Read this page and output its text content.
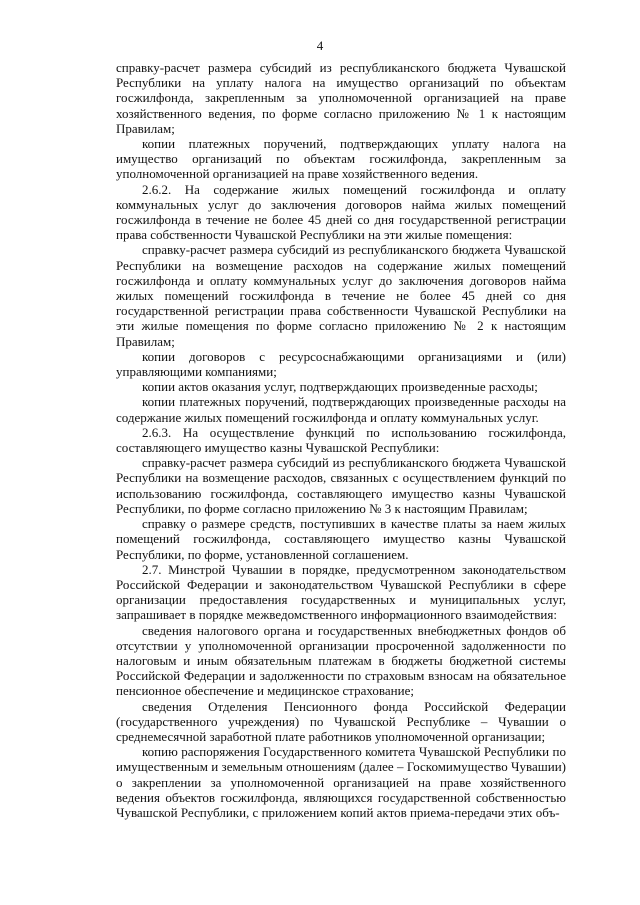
4

справку-расчет размера субсидий из республиканского бюджета Чувашской Республики на уплату налога на имущество организаций по объектам госжилфонда, закрепленным за уполномоченной организацией на праве хозяйственного ведения, по форме согласно приложению № 1 к настоящим Правилам;

копии платежных поручений, подтверждающих уплату налога на имущество организаций по объектам госжилфонда, закрепленным за уполномоченной организацией на праве хозяйственного ведения.

2.6.2. На содержание жилых помещений госжилфонда и оплату коммунальных услуг до заключения договоров найма жилых помещений госжилфонда в течение не более 45 дней со дня государственной регистрации права собственности Чувашской Республики на эти жилые помещения:

справку-расчет размера субсидий из республиканского бюджета Чувашской Республики на возмещение расходов на содержание жилых помещений госжилфонда и оплату коммунальных услуг до заключения договоров найма жилых помещений госжилфонда в течение не более 45 дней со дня государственной регистрации права собственности Чувашской Республики на эти жилые помещения по форме согласно приложению № 2 к настоящим Правилам;

копии договоров с ресурсоснабжающими организациями и (или) управляющими компаниями;

копии актов оказания услуг, подтверждающих произведенные расходы;

копии платежных поручений, подтверждающих произведенные расходы на содержание жилых помещений госжилфонда и оплату коммунальных услуг.

2.6.3. На осуществление функций по использованию госжилфонда, составляющего имущество казны Чувашской Республики:

справку-расчет размера субсидий из республиканского бюджета Чувашской Республики на возмещение расходов, связанных с осуществлением функций по использованию госжилфонда, составляющего имущество казны Чувашской Республики, по форме согласно приложению № 3 к настоящим Правилам;

справку о размере средств, поступивших в качестве платы за наем жилых помещений госжилфонда, составляющего имущество казны Чувашской Республики, по форме, установленной соглашением.

2.7. Минстрой Чувашии в порядке, предусмотренном законодательством Российской Федерации и законодательством Чувашской Республики в сфере организации предоставления государственных и муниципальных услуг, запрашивает в порядке межведомственного информационного взаимодействия:

сведения налогового органа и государственных внебюджетных фондов об отсутствии у уполномоченной организации просроченной задолженности по налоговым и иным обязательным платежам в бюджеты бюджетной системы Российской Федерации и задолженности по страховым взносам на обязательное пенсионное обеспечение и медицинское страхование;

сведения Отделения Пенсионного фонда Российской Федерации (государственного учреждения) по Чувашской Республике – Чувашии о среднемесячной заработной плате работников уполномоченной организации;

копию распоряжения Государственного комитета Чувашской Республики по имущественным и земельным отношениям (далее – Госкомимущество Чувашии) о закреплении за уполномоченной организацией на праве хозяйственного ведения объектов госжилфонда, являющихся государственной собственностью Чувашской Республики, с приложением копий актов приема-передачи этих объ-
